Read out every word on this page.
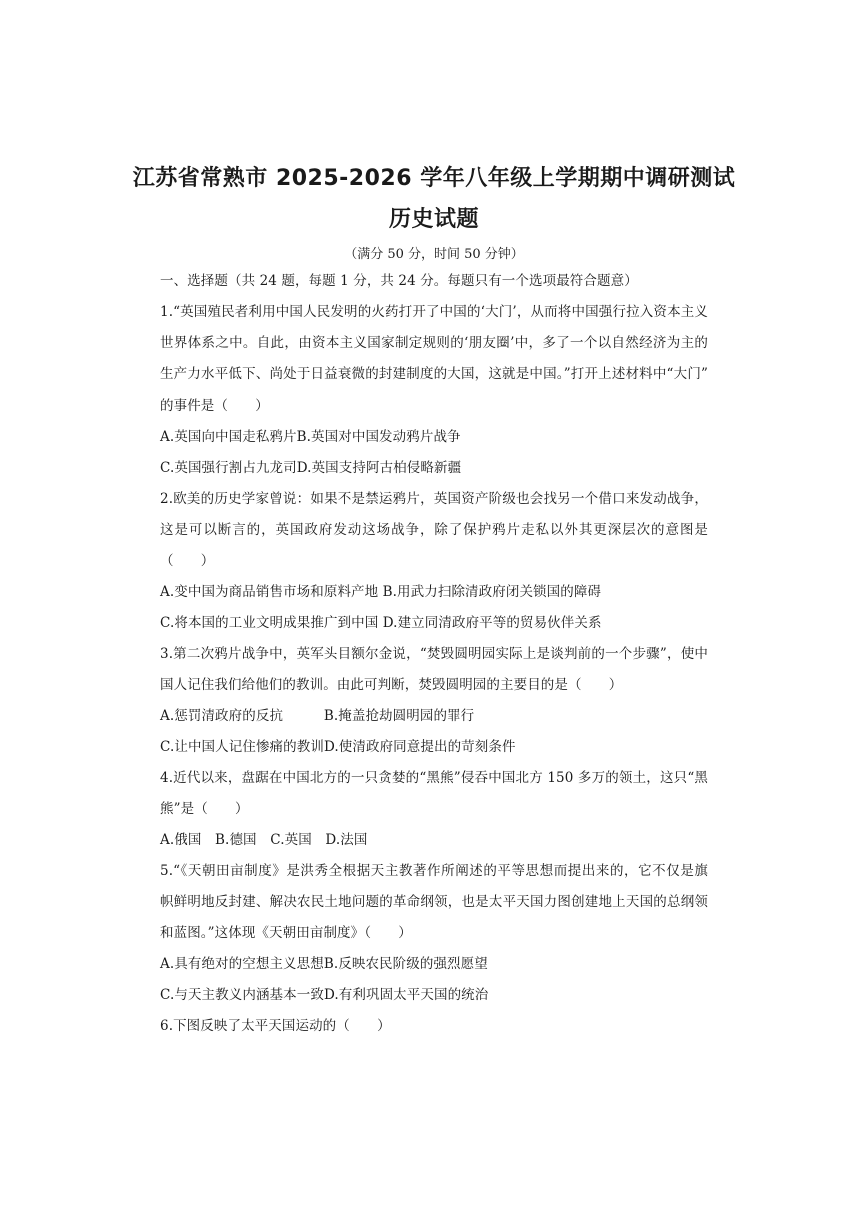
江苏省常熟市 2025-2026 学年八年级上学期期中调研测试
历史试题
（满分 50 分，时间 50 分钟）
一、选择题（共 24 题，每题 1 分，共 24 分。每题只有一个选项最符合题意）
1.“英国殖民者利用中国人民发明的火药打开了中国的‘大门’，从而将中国强行拉入资本主义
世界体系之中。自此，由资本主义国家制定规则的‘朋友圈’中，多了一个以自然经济为主的
生产力水平低下、尚处于日益衰微的封建制度的大国，这就是中国。”打开上述材料中“大门”
的事件是（　　）
A.英国向中国走私鸦片B.英国对中国发动鸦片战争
C.英国强行割占九龙司D.英国支持阿古柏侵略新疆
2.欧美的历史学家曾说：如果不是禁运鸦片，英国资产阶级也会找另一个借口来发动战争，
这是可以断言的，英国政府发动这场战争，除了保护鸦片走私以外其更深层次的意图是
（　　）
A.变中国为商品销售市场和原料产地 B.用武力扫除清政府闭关锁国的障碍
C.将本国的工业文明成果推广到中国 D.建立同清政府平等的贸易伙伴关系
3.第二次鸦片战争中，英军头目额尔金说，“焚毁圆明园实际上是谈判前的一个步骤”，使中
国人记住我们给他们的教训。由此可判断，焚毁圆明园的主要目的是（　　）
A.惩罚清政府的反抗　　　B.掩盖抢劫圆明园的罪行
C.让中国人记住惨痛的教训D.使清政府同意提出的苛刻条件
4.近代以来，盘踞在中国北方的一只贪婪的“黑熊”侵吞中国北方 150 多万的领土，这只“黑
熊”是（　　）
A.俄国　B.德国　C.英国　D.法国
5.“《天朝田亩制度》是洪秀全根据天主教著作所阐述的平等思想而提出来的，它不仅是旗
帜鲜明地反封建、解决农民土地问题的革命纲领，也是太平天国力图创建地上天国的总纲领
和蓝图。”这体现《天朝田亩制度》（　　）
A.具有绝对的空想主义思想B.反映农民阶级的强烈愿望
C.与天主教义内涵基本一致D.有利巩固太平天国的统治
6.下图反映了太平天国运动的（　　）
